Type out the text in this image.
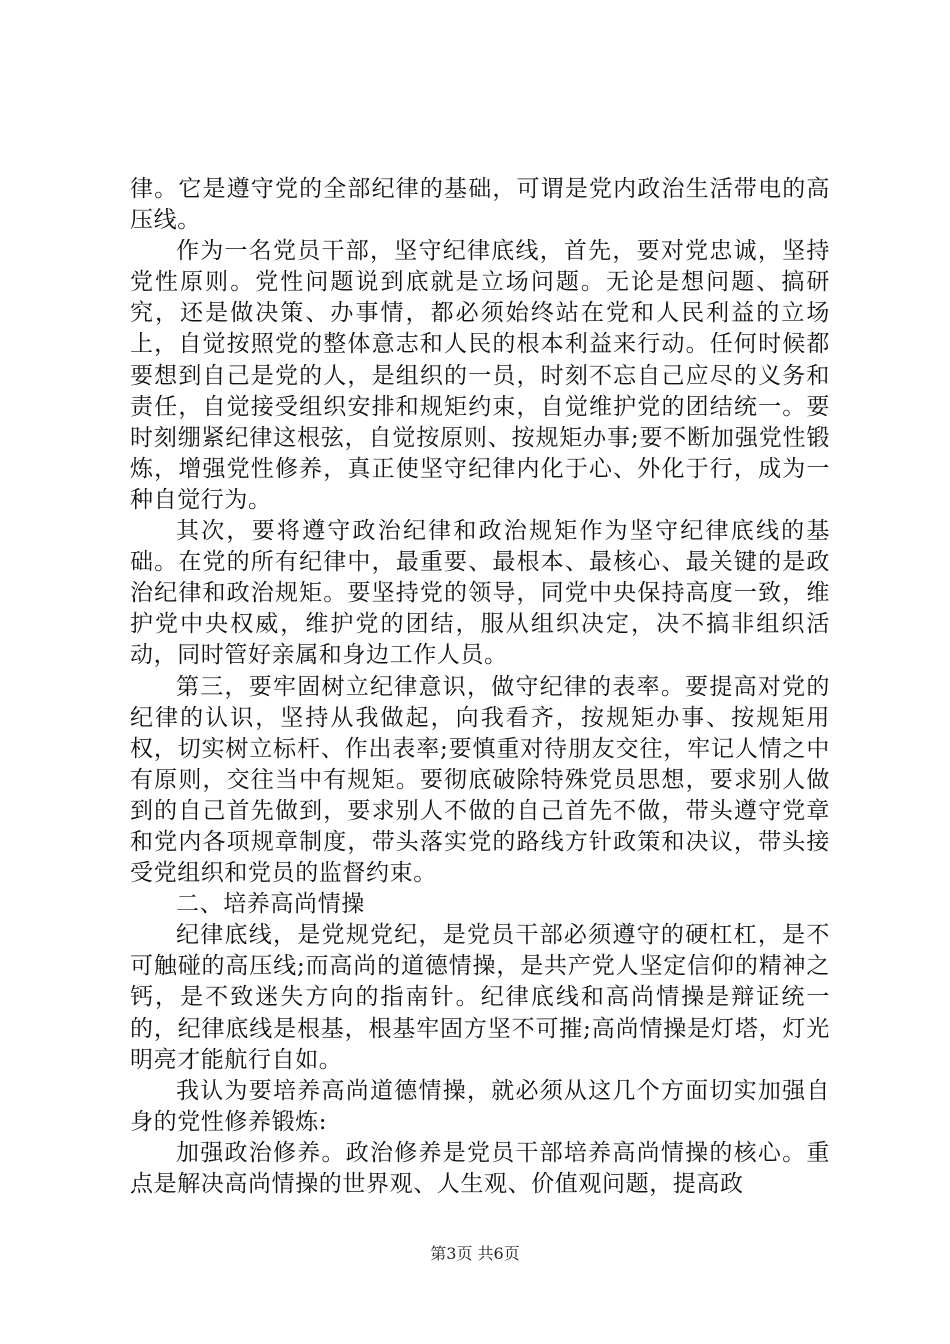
律。它是遵守党的全部纪律的基础，可谓是党内政治生活带电的高压线。

作为一名党员干部，坚守纪律底线，首先，要对党忠诚，坚持党性原则。党性问题说到底就是立场问题。无论是想问题、搞研究，还是做决策、办事情，都必须始终站在党和人民利益的立场上，自觉按照党的整体意志和人民的根本利益来行动。任何时候都要想到自己是党的人，是组织的一员，时刻不忘自己应尽的义务和责任，自觉接受组织安排和规矩约束，自觉维护党的团结统一。要时刻绷紧纪律这根弦，自觉按原则、按规矩办事;要不断加强党性锻炼，增强党性修养，真正使坚守纪律内化于心、外化于行，成为一种自觉行为。

其次，要将遵守政治纪律和政治规矩作为坚守纪律底线的基础。在党的所有纪律中，最重要、最根本、最核心、最关键的是政治纪律和政治规矩。要坚持党的领导，同党中央保持高度一致，维护党中央权威，维护党的团结，服从组织决定，决不搞非组织活动，同时管好亲属和身边工作人员。

第三，要牢固树立纪律意识，做守纪律的表率。要提高对党的纪律的认识，坚持从我做起，向我看齐，按规矩办事、按规矩用权，切实树立标杆、作出表率;要慎重对待朋友交往，牢记人情之中有原则，交往当中有规矩。要彻底破除特殊党员思想，要求别人做到的自己首先做到，要求别人不做的自己首先不做，带头遵守党章和党内各项规章制度，带头落实党的路线方针政策和决议，带头接受党组织和党员的监督约束。

二、培养高尚情操

纪律底线，是党规党纪，是党员干部必须遵守的硬杠杠，是不可触碰的高压线;而高尚的道德情操，是共产党人坚定信仰的精神之钙，是不致迷失方向的指南针。纪律底线和高尚情操是辩证统一的，纪律底线是根基，根基牢固方坚不可摧;高尚情操是灯塔，灯光明亮才能航行自如。

我认为要培养高尚道德情操，就必须从这几个方面切实加强自身的党性修养锻炼:

加强政治修养。政治修养是党员干部培养高尚情操的核心。重点是解决高尚情操的世界观、人生观、价值观问题，提高政

第3页 共6页
